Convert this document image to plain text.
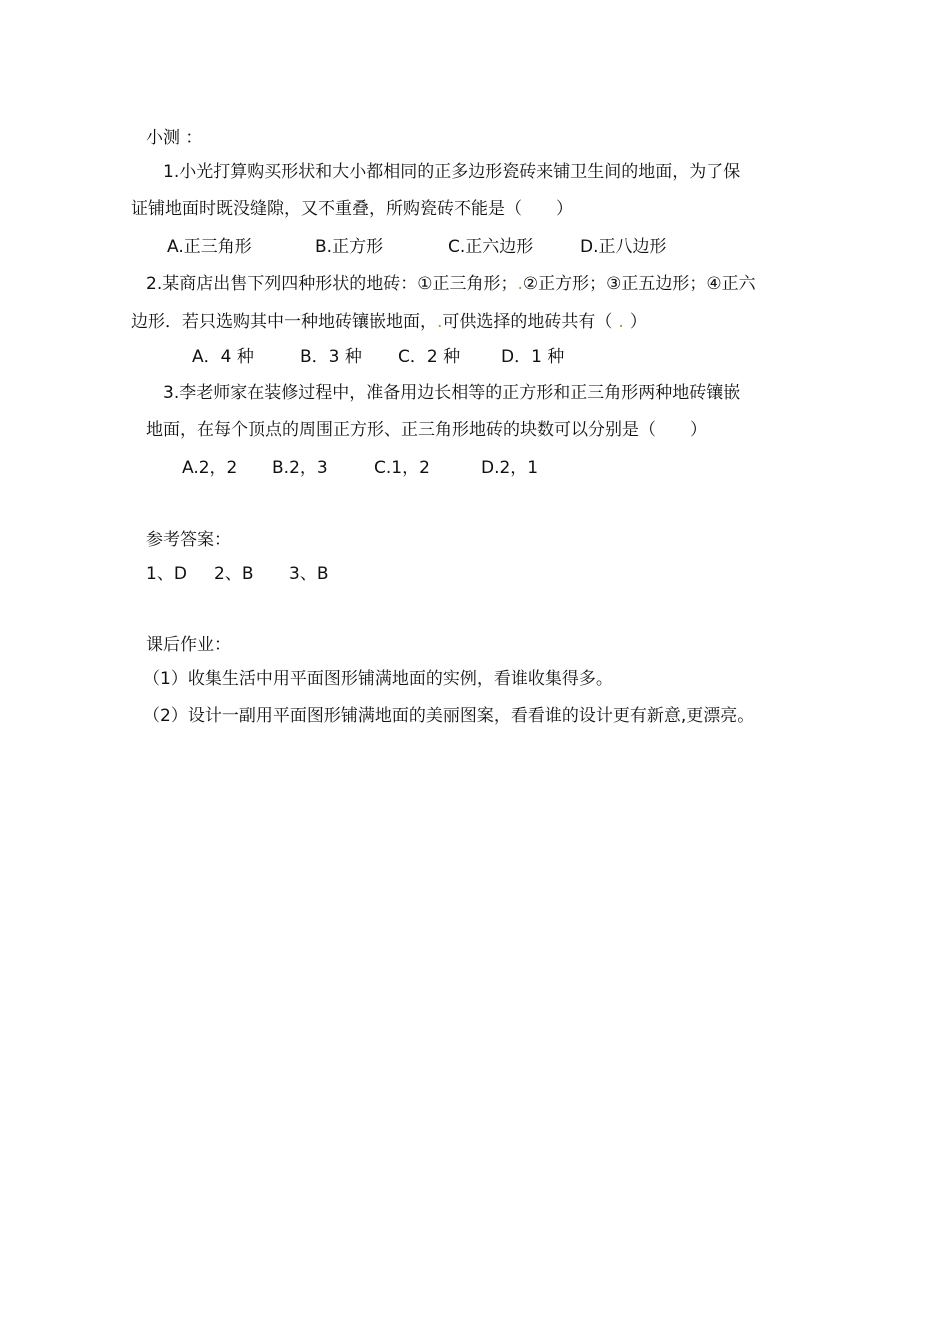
小测 ：
1.小光打算购买形状和大小都相同的正多边形瓷砖来铺卫生间的地面，为了保
证铺地面时既没缝隙，又不重叠，所购瓷砖不能是（　　）
A.正三角形	B.正方形	C.正六边形	D.正八边形
2.某商店出售下列四种形状的地砖：①正三角形；.②正方形；③正五边形；④正六
边形．若只选购其中一种地砖镶嵌地面，.可供选择的地砖共有（ . ）
A．4 种	B．3 种 C．2 种 D．1 种
3.李老师家在装修过程中，准备用边长相等的正方形和正三角形两种地砖镶嵌
地面，在每个顶点的周围正方形、正三角形地砖的块数可以分别是（　　）
A.2，2 B.2，3	C.1，2	D.2，1
参考答案：
1、D 2、B 3、B
课后作业：
（1）收集生活中用平面图形铺满地面的实例，看谁收集得多。
（2）设计一副用平面图形铺满地面的美丽图案，看看谁的设计更有新意,更漂亮。
